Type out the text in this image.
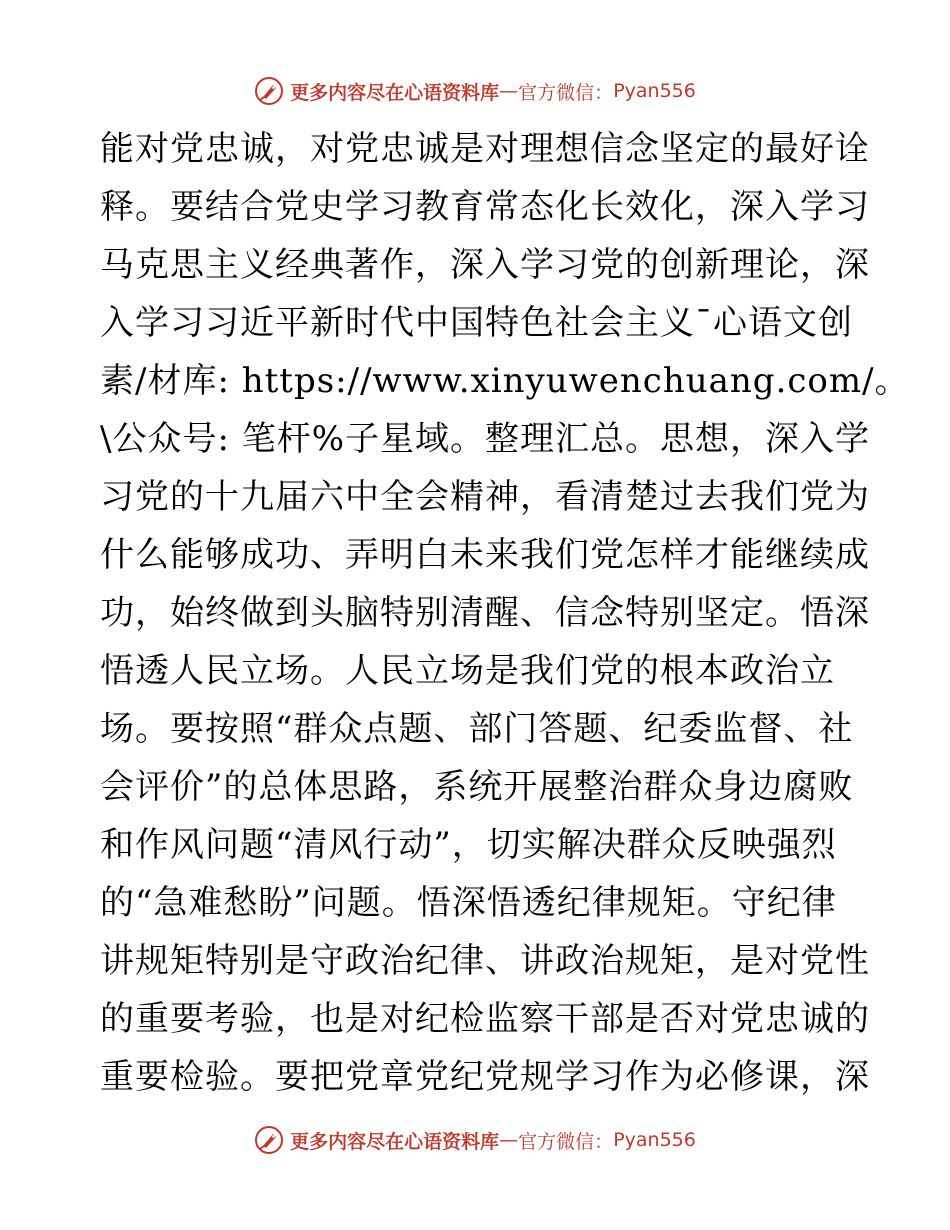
更多内容尽在心语资料库 — 官方微信： Pyan556
能对党忠诚，对党忠诚是对理想信念坚定的最好诠
释。要结合党史学习教育常态化长效化，深入学习
马克思主义经典著作，深入学习党的创新理论，深
入学习习近平新时代中国特色社会主义¯心语文创
素/材库: https://www.xinyuwenchuang.com/。
\公众号: 笔杆%子星域。整理汇总。思想，深入学
习党的十九届六中全会精神，看清楚过去我们党为
什么能够成功、弄明白未来我们党怎样才能继续成
功，始终做到头脑特别清醒、信念特别坚定。悟深
悟透人民立场。人民立场是我们党的根本政治立
场。要按照“群众点题、部门答题、纪委监督、社
会评价”的总体思路，系统开展整治群众身边腐败
和作风问题“清风行动”，切实解决群众反映强烈
的“急难愁盼”问题。悟深悟透纪律规矩。守纪律
讲规矩特别是守政治纪律、讲政治规矩，是对党性
的重要考验，也是对纪检监察干部是否对党忠诚的
重要检验。要把党章党纪党规学习作为必修课，深
更多内容尽在心语资料库 — 官方微信： Pyan556
